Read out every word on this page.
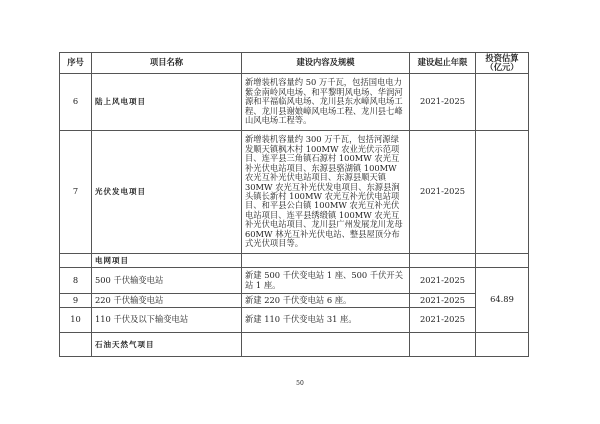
序号	项目名称	建设内容及规模	建设起止年限	投资估算（亿元）
6	陆上风电项目	新增装机容量约 50 万千瓦，包括国电电力紫金南岭风电场、和平黎明风电场、华润河源和平福临风电场、龙川县东水嶂风电场工程、龙川县谢娘嶂风电场工程、龙川县七峰山风电场工程等。	2021-2025	
7	光伏发电项目	新增装机容量约 300 万千瓦，包括河源绿发顺天镇枫木村 100MW 农业光伏示范项目、连平县三角镇石源村 100MW 农光互补光伏电站项目、东源县骆湖镇 100MW 农光互补光伏电站项目、东源县顺天镇 30MW 农光互补光伏发电项目、东源县涧头镇长新村 100MW 农光互补光伏电站项目、和平县公白镇 100MW 农光互补光伏电站项目、连平县绣缎镇 100MW 农光互补光伏电站项目、龙川县广州发展龙川龙母 60MW 林光互补光伏电站、整县屋顶分布式光伏项目等。	2021-2025	
	电网项目			
8	500 千伏输变电站	新建 500 千伏变电站 1 座、500 千伏开关站 1 座。	2021-2025	64.89
9	220 千伏输变电站	新建 220 千伏变电站 6 座。	2021-2025	
10	110 千伏及以下输变电站	新建 110 千伏变电站 31 座。	2021-2025	
	石油天然气项目			
50
